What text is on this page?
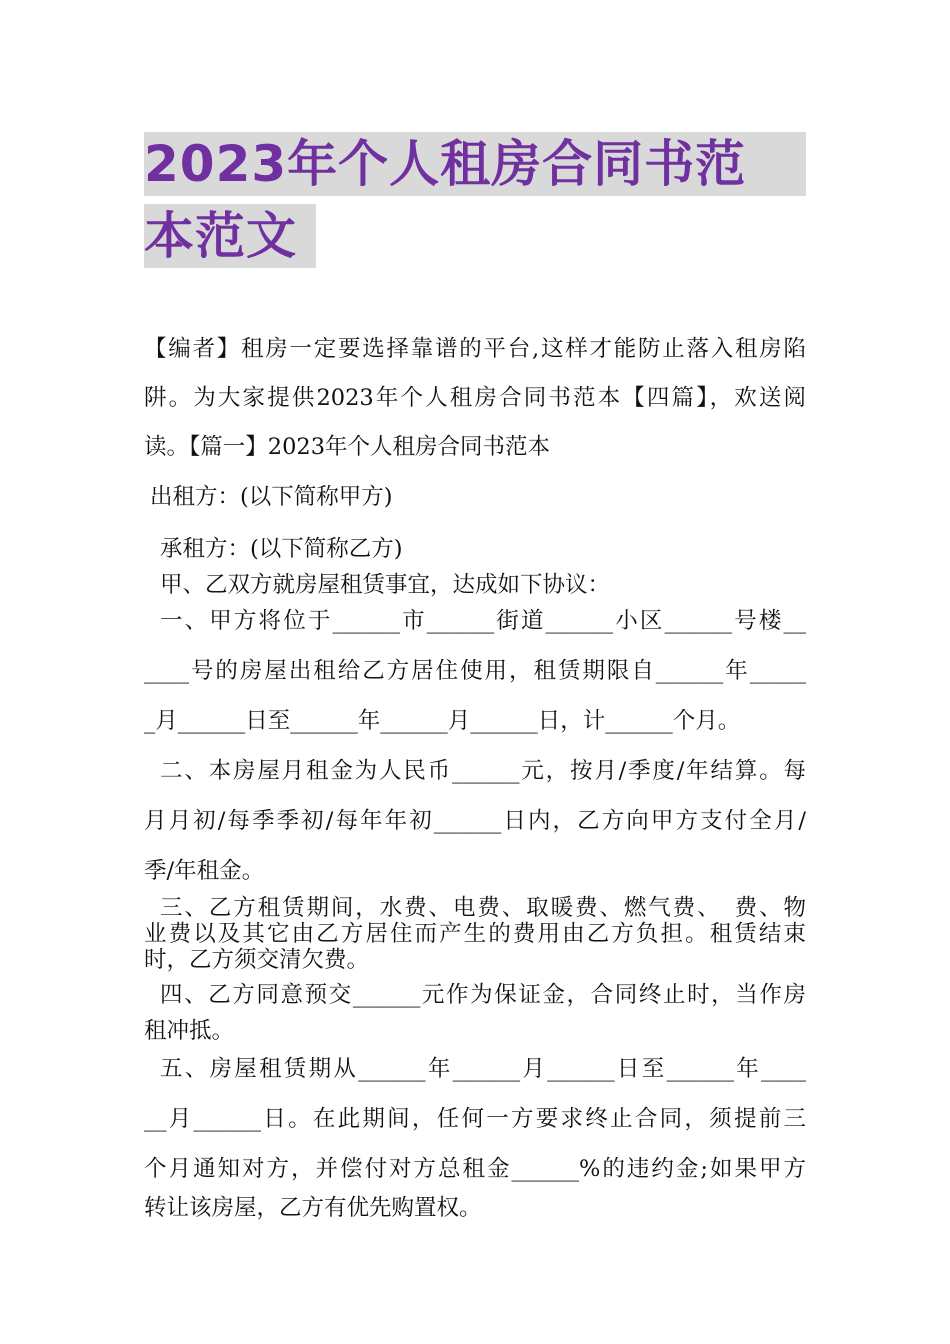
2023年个人租房合同书范
本范文
【编者】租房一定要选择靠谱的平台,这样才能防止落入租房陷
阱。为大家提供2023年个人租房合同书范本【四篇】，欢送阅
读。【篇一】2023年个人租房合同书范本
出租方：(以下简称甲方)
承租方：(以下简称乙方)
甲、乙双方就房屋租赁事宜，达成如下协议：
一、甲方将位于______市______街道______小区______号楼__
____号的房屋出租给乙方居住使用，租赁期限自______年_____
_月______日至______年______月______日，计______个月。
二、本房屋月租金为人民币______元，按月/季度/年结算。每
月月初/每季季初/每年年初______日内，乙方向甲方支付全月/
季/年租金。
三、乙方租赁期间，水费、电费、取暖费、燃气费、　费、物
业费以及其它由乙方居住而产生的费用由乙方负担。租赁结束
时，乙方须交清欠费。
四、乙方同意预交______元作为保证金，合同终止时，当作房
租冲抵。
五、房屋租赁期从______年______月______日至______年____
__月______日。在此期间，任何一方要求终止合同，须提前三
个月通知对方，并偿付对方总租金______%的违约金;如果甲方
转让该房屋，乙方有优先购置权。
